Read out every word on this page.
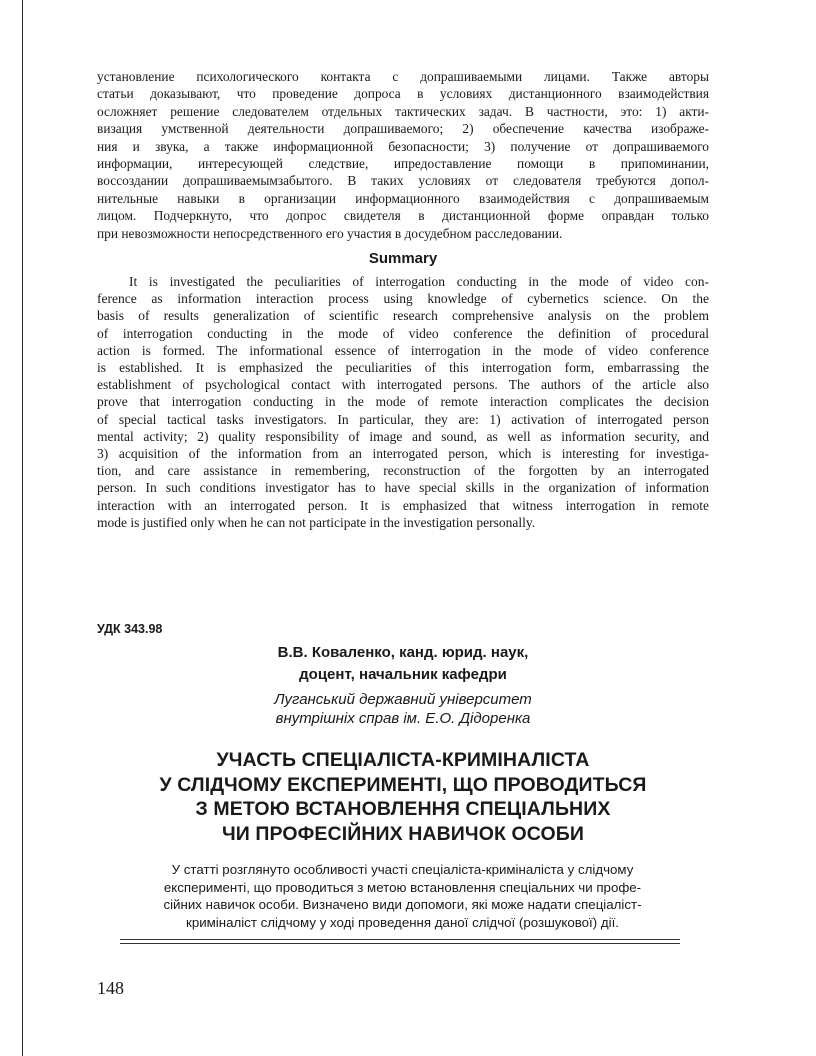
установление психологического контакта с допрашиваемыми лицами. Также авторы
статьи доказывают, что проведение допроса в условиях дистанционного взаимодействия
осложняет решение следователем отдельных тактических задач. В частности, это: 1) акти-
визация умственной деятельности допрашиваемого; 2) обеспечение качества изображе-
ния и звука, а также информационной безопасности; 3) получение от допрашиваемого
информации, интересующей следствие, ипредоставление помощи в припоминании,
воссоздании допрашиваемымзабытого. В таких условиях от следователя требуются допол-
нительные навыки в организации информационного взаимодействия с допрашиваемым
лицом. Подчеркнуто, что допрос свидетеля в дистанционной форме оправдан только
при невозможности непосредственного его участия в досудебном расследовании.
Summary
It is investigated the peculiarities of interrogation conducting in the mode of video con-
ference as information interaction process using knowledge of cybernetics science. On the
basis of results generalization of scientific research comprehensive analysis on the problem
of interrogation conducting in the mode of video conference the definition of procedural
action is formed. The informational essence of interrogation in the mode of video conference
is established. It is emphasized the peculiarities of this interrogation form, embarrassing the
establishment of psychological contact with interrogated persons. The authors of the article also
prove that interrogation conducting in the mode of remote interaction complicates the decision
of special tactical tasks investigators. In particular, they are: 1) activation of interrogated person
mental activity; 2) quality responsibility of image and sound, as well as information security, and
3) acquisition of the information from an interrogated person, which is interesting for investiga-
tion, and care assistance in remembering, reconstruction of the forgotten by an interrogated
person. In such conditions investigator has to have special skills in the organization of information
interaction with an interrogated person. It is emphasized that witness interrogation in remote
mode is justified only when he can not participate in the investigation personally.

УДК 343.98

В.В. Коваленко, канд. юрид. наук,
доцент, начальник кафедри

Луганський державний університет
внутрішніх справ ім. Е.О. Дідоренка

УЧАСТЬ СПЕЦІАЛІСТА-КРИМІНАЛІСТА
У СЛІДЧОМУ ЕКСПЕРИМЕНТІ, ЩО ПРОВОДИТЬСЯ
З МЕТОЮ ВСТАНОВЛЕННЯ СПЕЦІАЛЬНИХ
ЧИ ПРОФЕСІЙНИХ НАВИЧОК ОСОБИ

У статті розглянуто особливості участі спеціаліста-криміналіста у слідчому
експерименті, що проводиться з метою встановлення спеціальних чи профе-
сійних навичок особи. Визначено види допомоги, які може надати спеціаліст-
криміналіст слідчому у ході проведення даної слідчої (розшукової) дії.

148
